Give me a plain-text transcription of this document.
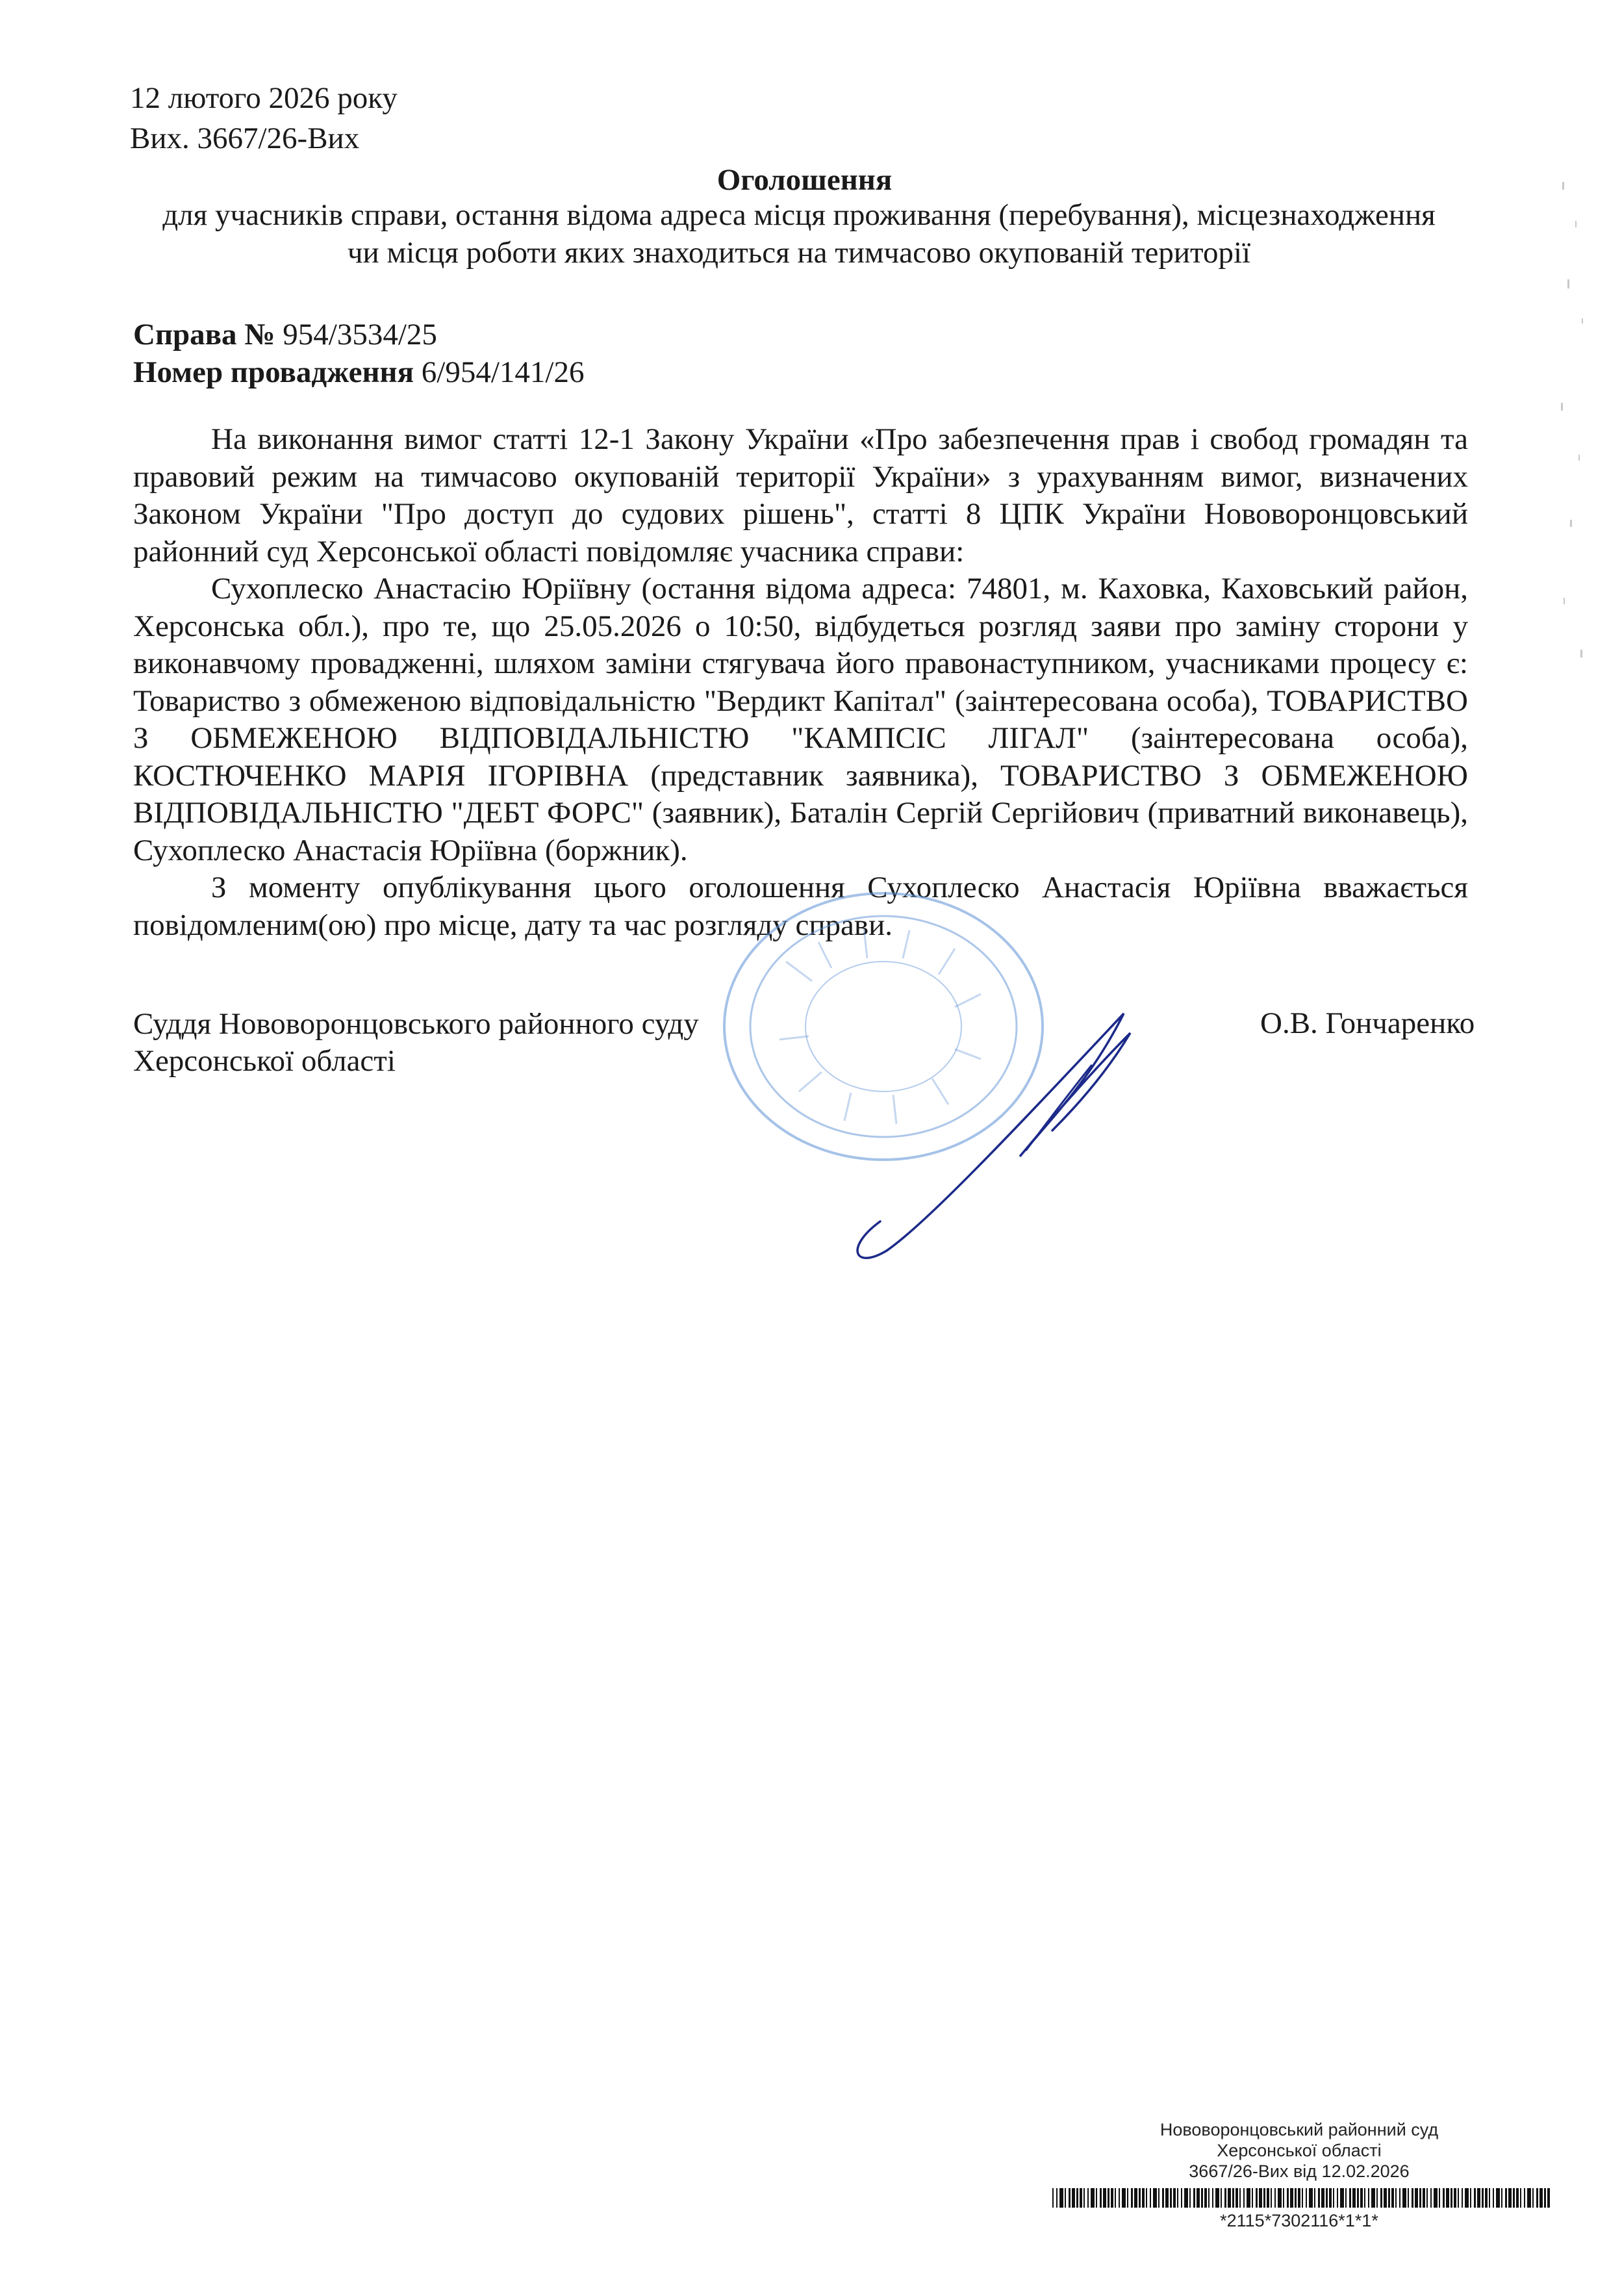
12 лютого 2026 року
Вих. 3667/26-Вих
Оголошення
для учасників справи, остання відома адреса місця проживання (перебування), місцезнаходження
чи місця роботи яких знаходиться на тимчасово окупованій території
Справа № 954/3534/25
Номер провадження 6/954/141/26

На виконання вимог статті 12-1 Закону України «Про забезпечення прав і свобод громадян та правовий режим на тимчасово окупованій території України» з урахуванням вимог, визначених Законом України "Про доступ до судових рішень", статті 8 ЦПК України Нововоронцовський районний суд Херсонської області повідомляє учасника справи:

Сухоплеско Анастасію Юріївну (остання відома адреса: 74801, м. Каховка, Каховський район, Херсонська обл.), про те, що 25.05.2026 о 10:50, відбудеться розгляд заяви про заміну сторони у виконавчому провадженні, шляхом заміни стягувача його правонаступником, учасниками процесу є: Товариство з обмеженою відповідальністю "Вердикт Капітал" (заінтересована особа), ТОВАРИСТВО З ОБМЕЖЕНОЮ ВІДПОВІДАЛЬНІСТЮ "КАМПСІС ЛІГАЛ" (заінтересована особа), КОСТЮЧЕНКО МАРІЯ ІГОРІВНА (представник заявника), ТОВАРИСТВО З ОБМЕЖЕНОЮ ВІДПОВІДАЛЬНІСТЮ "ДЕБТ ФОРС" (заявник), Баталін Сергій Сергійович (приватний виконавець), Сухоплеско Анастасія Юріївна (боржник).

З моменту опублікування цього оголошення Сухоплеско Анастасія Юріївна вважається повідомленим(ою) про місце, дату та час розгляду справи.

Суддя Нововоронцовського районного суду
Херсонської області
О.В. Гончаренко
Нововоронцовський районний суд
Херсонської області
3667/26-Вих від 12.02.2026
*2115*7302116*1*1*
